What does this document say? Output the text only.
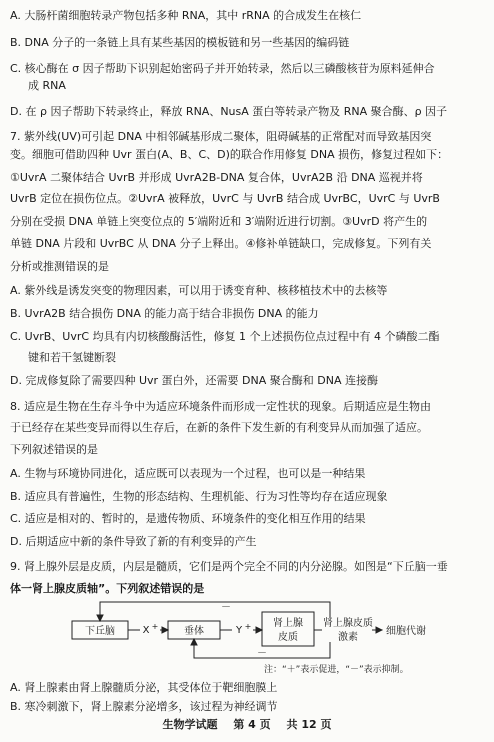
A. 大肠杆菌细胞转录产物包括多种 RNA，其中 rRNA 的合成发生在核仁
B. DNA 分子的一条链上具有某些基因的模板链和另一些基因的编码链
C. 核心酶在 σ 因子帮助下识别起始密码子并开始转录，然后以三磷酸核苷为原料延伸合
成 RNA
D. 在 ρ 因子帮助下转录终止，释放 RNA、NusA 蛋白等转录产物及 RNA 聚合酶、ρ 因子
7. 紫外线(UV)可引起 DNA 中相邻碱基形成二聚体，阻碍碱基的正常配对而导致基因突
变。细胞可借助四种 Uvr 蛋白(A、B、C、D)的联合作用修复 DNA 损伤，修复过程如下：
①UvrA 二聚体结合 UvrB 并形成 UvrA2B-DNA 复合体，UvrA2B 沿 DNA 巡视并将
UvrB 定位在损伤位点。②UvrA 被释放，UvrC 与 UvrB 结合成 UvrBC，UvrC 与 UvrB
分别在受损 DNA 单链上突变位点的 5′端附近和 3′端附近进行切割。③UvrD 将产生的
单链 DNA 片段和 UvrBC 从 DNA 分子上释出。④修补单链缺口，完成修复。下列有关
分析或推测错误的是
A. 紫外线是诱发突变的物理因素，可以用于诱变育种、核移植技术中的去核等
B. UvrA2B 结合损伤 DNA 的能力高于结合非损伤 DNA 的能力
C. UvrB、UvrC 均具有内切核酸酶活性，修复 1 个上述损伤位点过程中有 4 个磷酸二酯
键和若干氢键断裂
D. 完成修复除了需要四种 Uvr 蛋白外，还需要 DNA 聚合酶和 DNA 连接酶
8. 适应是生物在生存斗争中为适应环境条件而形成一定性状的现象。后期适应是生物由
于已经存在某些变异而得以生存后，在新的条件下发生新的有利变异从而加强了适应。
下列叙述错误的是
A. 生物与环境协同进化，适应既可以表现为一个过程，也可以是一种结果
B. 适应具有普遍性，生物的形态结构、生理机能、行为习性等均存在适应现象
C. 适应是相对的、暂时的，是遗传物质、环境条件的变化相互作用的结果
D. 后期适应中新的条件导致了新的有利变异的产生
9. 肾上腺外层是皮质，内层是髓质，它们是两个完全不同的内分泌腺。如图是“下丘脑一垂
体一肾上腺皮质轴”。下列叙述错误的是
－
下丘脑	X +	垂体	Y + 肾上腺
皮质
肾上腺皮质
激素
细胞代谢
－
注：“＋”表示促进，“－”表示抑制。
A. 肾上腺素由肾上腺髓质分泌，其受体位于靶细胞膜上
B. 寒冷刺激下，肾上腺素分泌增多，该过程为神经调节
生物学试题 第 4 页 共 12 页
